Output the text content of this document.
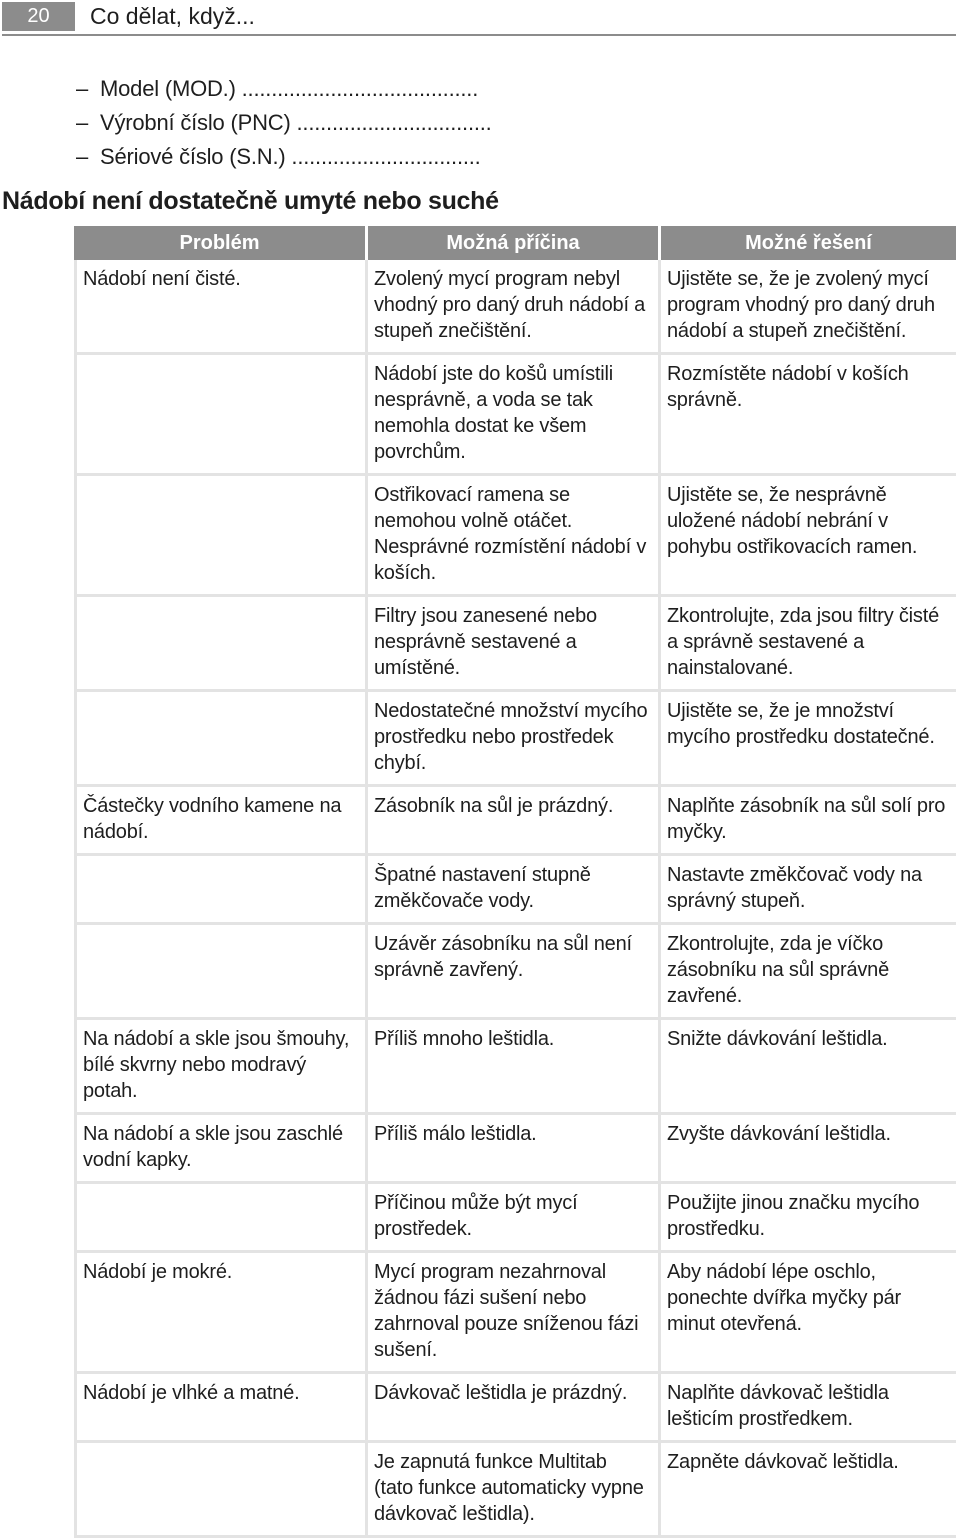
20	Co dělat, když...
– Model (MOD.) ........................................
– Výrobní číslo (PNC) .................................
– Sériové číslo (S.N.) ................................
Nádobí není dostatečně umyté nebo suché
Problém	Možná příčina	Možné řešení

Nádobí není čisté.	Zvolený mycí program nebyl vhodný pro daný druh nádobí a stupeň znečištění.	Ujistěte se, že je zvolený mycí program vhodný pro daný druh nádobí a stupeň znečištění.

	Nádobí jste do košů umístili nesprávně, a voda se tak nemohla dostat ke všem povrchům.	Rozmístěte nádobí v koších správně.

	Ostřikovací ramena se nemohou volně otáčet. Nesprávné rozmístění nádobí v koších.	Ujistěte se, že nesprávně uložené nádobí nebrání v pohybu ostřikovacích ramen.

	Filtry jsou zanesené nebo nesprávně sestavené a umístěné.	Zkontrolujte, zda jsou filtry čisté a správně sestavené a nainstalované.

	Nedostatečné množství mycího prostředku nebo prostředek chybí.	Ujistěte se, že je množství mycího prostředku dostatečné.

Částečky vodního kamene na nádobí.	Zásobník na sůl je prázdný.	Naplňte zásobník na sůl solí pro myčky.

	Špatné nastavení stupně změkčovače vody.	Nastavte změkčovač vody na správný stupeň.

	Uzávěr zásobníku na sůl není správně zavřený.	Zkontrolujte, zda je víčko zásobníku na sůl správně zavřené.

Na nádobí a skle jsou šmouhy, bílé skvrny nebo modravý potah.	Příliš mnoho leštidla.	Snižte dávkování leštidla.

Na nádobí a skle jsou zaschlé vodní kapky.	Příliš málo leštidla.	Zvyšte dávkování leštidla.

	Příčinou může být mycí prostředek.	Použijte jinou značku mycího prostředku.

Nádobí je mokré.	Mycí program nezahrnoval žádnou fázi sušení nebo zahrnoval pouze sníženou fázi sušení.	Aby nádobí lépe oschlo, ponechte dvířka myčky pár minut otevřená.

Nádobí je vlhké a matné.	Dávkovač leštidla je prázdný.	Naplňte dávkovač leštidla lešticím prostředkem.

	Je zapnutá funkce Multitab (tato funkce automaticky vypne dávkovač leštidla).	Zapněte dávkovač leštidla.
